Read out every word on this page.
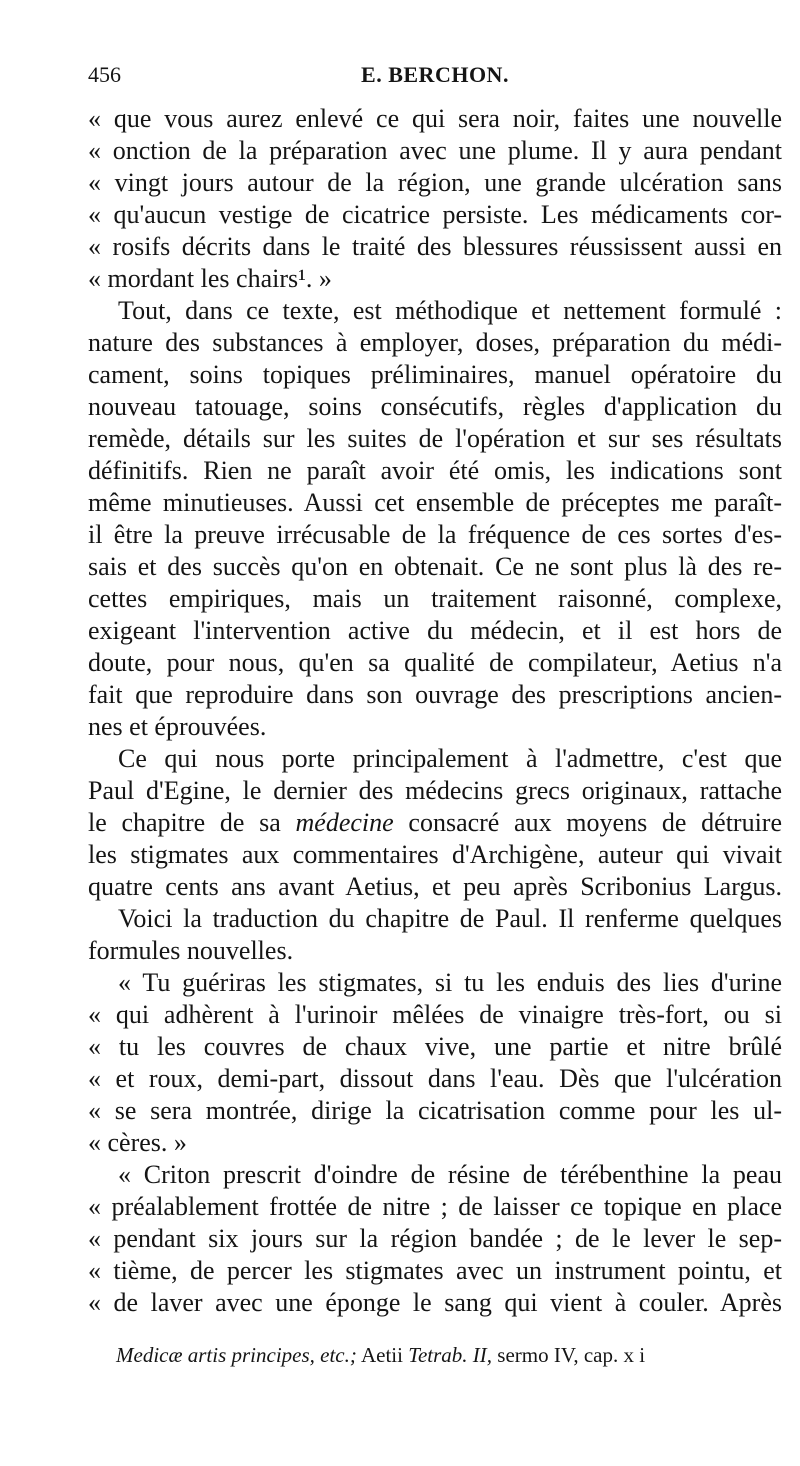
456	E. BERCHON.
« que vous aurez enlevé ce qui sera noir, faites une nouvelle
« onction de la préparation avec une plume. Il y aura pendant
« vingt jours autour de la région, une grande ulcération sans
« qu'aucun vestige de cicatrice persiste. Les médicaments cor-
« rosifs décrits dans le traité des blessures réussissent aussi en
« mordant les chairs¹. »
Tout, dans ce texte, est méthodique et nettement formulé :
nature des substances à employer, doses, préparation du médi-
cament, soins topiques préliminaires, manuel opératoire du
nouveau tatouage, soins consécutifs, règles d'application du
remède, détails sur les suites de l'opération et sur ses résultats
définitifs. Rien ne paraît avoir été omis, les indications sont
même minutieuses. Aussi cet ensemble de préceptes me paraît-
il être la preuve irrécusable de la fréquence de ces sortes d'es-
sais et des succès qu'on en obtenait. Ce ne sont plus là des re-
cettes empiriques, mais un traitement raisonné, complexe,
exigeant l'intervention active du médecin, et il est hors de
doute, pour nous, qu'en sa qualité de compilateur, Aetius n'a
fait que reproduire dans son ouvrage des prescriptions ancien-
nes et éprouvées.
Ce qui nous porte principalement à l'admettre, c'est que
Paul d'Egine, le dernier des médecins grecs originaux, rattache
le chapitre de sa médecine consacré aux moyens de détruire
les stigmates aux commentaires d'Archigène, auteur qui vivait
quatre cents ans avant Aetius, et peu après Scribonius Largus.
Voici la traduction du chapitre de Paul. Il renferme quelques
formules nouvelles.
« Tu guériras les stigmates, si tu les enduis des lies d'urine
« qui adhèrent à l'urinoir mêlées de vinaigre très-fort, ou si
« tu les couvres de chaux vive, une partie et nitre brûlé
« et roux, demi-part, dissout dans l'eau. Dès que l'ulcération
« se sera montrée, dirige la cicatrisation comme pour les ul-
« cères. »
« Criton prescrit d'oindre de résine de térébenthine la peau
« préalablement frottée de nitre ; de laisser ce topique en place
« pendant six jours sur la région bandée ; de le lever le sep-
« tième, de percer les stigmates avec un instrument pointu, et
« de laver avec une éponge le sang qui vient à couler. Après
Medicæ artis principes, etc.; Aetii Tetrab. II, sermo IV, cap. x i
